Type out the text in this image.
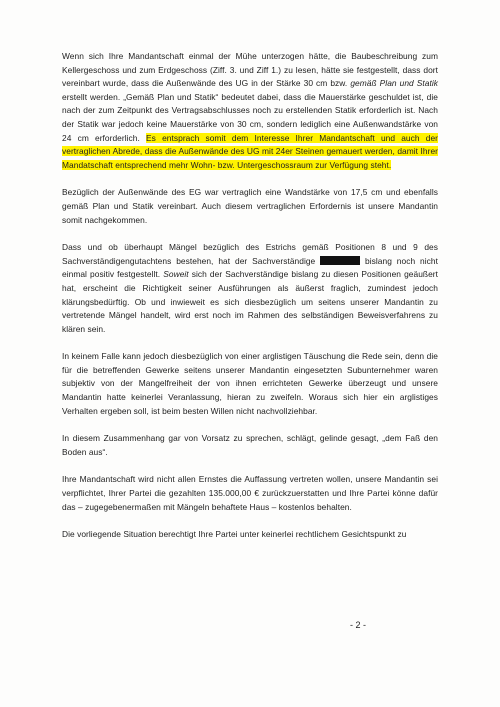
Wenn sich Ihre Mandantschaft einmal der Mühe unterzogen hätte, die Baubeschreibung zum Kellergeschoss und zum Erdgeschoss (Ziff. 3. und Ziff 1.) zu lesen, hätte sie festgestellt, dass dort vereinbart wurde, dass die Außenwände des UG in der Stärke 30 cm bzw. gemäß Plan und Statik erstellt werden. „Gemäß Plan und Statik“ bedeutet dabei, dass die Mauerstärke geschuldet ist, die nach der zum Zeitpunkt des Vertragsabschlusses noch zu erstellenden Statik erforderlich ist. Nach der Statik war jedoch keine Mauerstärke von 30 cm, sondern lediglich eine Außenwandstärke von 24 cm erforderlich. Es entsprach somit dem Interesse Ihrer Mandantschaft und auch der vertraglichen Abrede, dass die Außenwände des UG mit 24er Steinen gemauert werden, damit Ihrer Mandatschaft entsprechend mehr Wohn- bzw. Untergeschossraum zur Verfügung steht.

Bezüglich der Außenwände des EG war vertraglich eine Wandstärke von 17,5 cm und ebenfalls gemäß Plan und Statik vereinbart. Auch diesem vertraglichen Erfordernis ist unsere Mandantin somit nachgekommen.

Dass und ob überhaupt Mängel bezüglich des Estrichs gemäß Positionen 8 und 9 des Sachverständigengutachtens bestehen, hat der Sachverständige	bislang noch nicht einmal positiv festgestellt. Soweit sich der Sachverständige bislang zu diesen Positionen geäußert hat, erscheint die Richtigkeit seiner Ausführungen als äußerst fraglich, zumindest jedoch klärungsbedürftig. Ob und inwieweit es sich diesbezüglich um seitens unserer Mandantin zu vertretende Mängel handelt, wird erst noch im Rahmen des selbständigen Beweisverfahrens zu klären sein.

In keinem Falle kann jedoch diesbezüglich von einer arglistigen Täuschung die Rede sein, denn die für die betreffenden Gewerke seitens unserer Mandantin eingesetzten Subunternehmer waren subjektiv von der Mangelfreiheit der von ihnen errichteten Gewerke überzeugt und unsere Mandantin hatte keinerlei Veranlassung, hieran zu zweifeln. Woraus sich hier ein arglistiges Verhalten ergeben soll, ist beim besten Willen nicht nachvollziehbar.

In diesem Zusammenhang gar von Vorsatz zu sprechen, schlägt, gelinde gesagt, „dem Faß den Boden aus“.

Ihre Mandantschaft wird nicht allen Ernstes die Auffassung vertreten wollen, unsere Mandantin sei verpflichtet, Ihrer Partei die gezahlten 135.000,00 € zurückzuerstatten und Ihre Partei könne dafür das – zugegebenermaßen mit Mängeln behaftete Haus – kostenlos behalten.

Die vorliegende Situation berechtigt Ihre Partei unter keinerlei rechtlichem Gesichtspunkt zu

- 2 -
